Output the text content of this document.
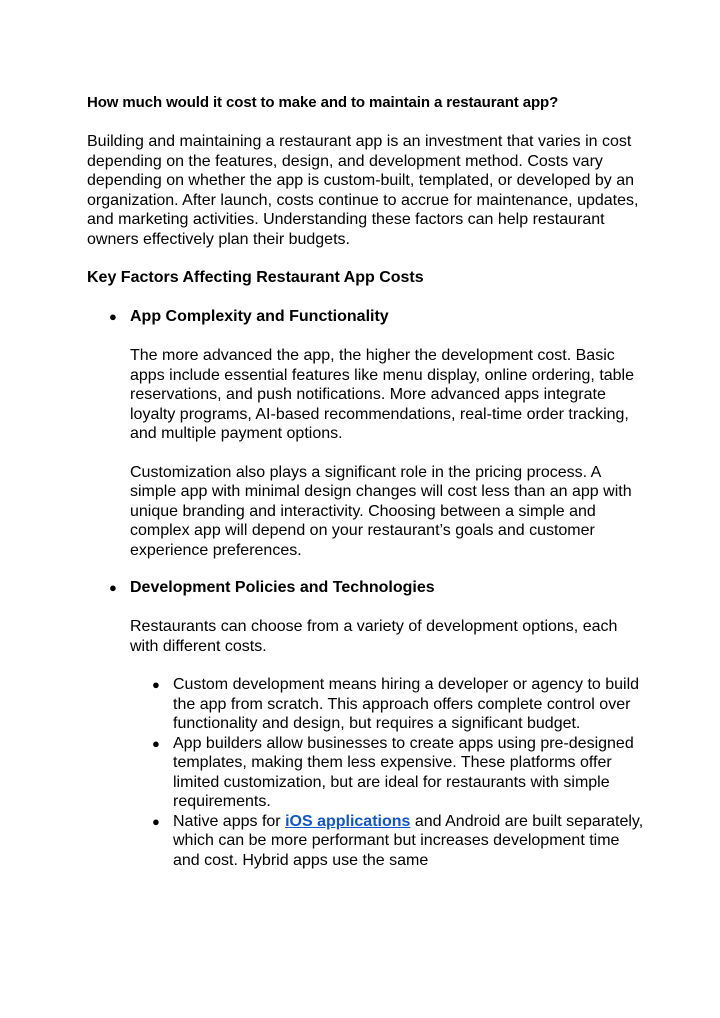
How much would it cost to make and to maintain a restaurant app?

Building and maintaining a restaurant app is an investment that varies in cost depending on the features, design, and development method. Costs vary depending on whether the app is custom-built, templated, or developed by an organization. After launch, costs continue to accrue for maintenance, updates, and marketing activities. Understanding these factors can help restaurant owners effectively plan their budgets.

Key Factors Affecting Restaurant App Costs
● App Complexity and Functionality

The more advanced the app, the higher the development cost. Basic apps include essential features like menu display, online ordering, table reservations, and push notifications. More advanced apps integrate loyalty programs, AI-based recommendations, real-time order tracking, and multiple payment options.

Customization also plays a significant role in the pricing process. A simple app with minimal design changes will cost less than an app with unique branding and interactivity. Choosing between a simple and complex app will depend on your restaurant’s goals and customer experience preferences.

● Development Policies and Technologies

Restaurants can choose from a variety of development options, each with different costs.

● Custom development means hiring a developer or agency to build the app from scratch. This approach offers complete control over functionality and design, but requires a significant budget.

● App builders allow businesses to create apps using pre-designed templates, making them less expensive. These platforms offer limited customization, but are ideal for restaurants with simple requirements.

● Native apps for iOS applications and Android are built separately, which can be more performant but increases development time and cost. Hybrid apps use the same
